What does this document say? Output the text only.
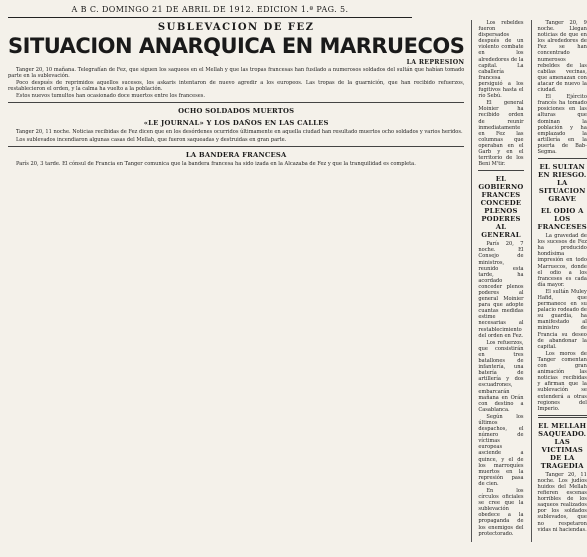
A B C. DOMINGO 21 DE ABRIL DE 1912. EDICION 1.ª PAG. 5.
SUBLEVACION DE FEZ
SITUACION ANARQUICA EN MARRUECOS
LA REPRESION

Tanger 20, 10 mañana. Telegrafían de Fez, que siguen los saqueos en el Mellah y que las tropas francesas han fusilado a numerosos soldados del sultán que habían tomado parte en la sublevación.

Poco después de reprimidos aquellos sucesos, los askaris intentaron de nuevo agredir a los europeos. Las tropas de la guarnición, que han recibido refuerzos, restablecieron el orden, y la calma ha vuelto a la población.

Estos nuevos tumultos han ocasionado doce muertos entre los franceses.

OCHO SOLDADOS MUERTOS
«LE JOURNAL» Y LOS DAÑOS EN LAS CALLES

Tanger 20, 11 noche. Noticias recibidas de Fez dicen que en los desórdenes ocurridos últimamente en aquella ciudad han resultado muertos ocho soldados y varios heridos.

Los sublevados incendiaron algunas casas del Mellah, que fueron saqueadas y destruidas en gran parte.

LA BANDERA FRANCESA

París 20, 3 tarde. El cónsul de Francia en Tanger comunica que la bandera francesa ha sido izada en la Alcazaba de Fez y que la tranquilidad es completa.

Los rebeldes fueron dispersados después de un violento combate en los alrededores de la capital. La caballería francesa persiguió a los fugitivos hasta el río Sebú.

El general Moinier ha recibido orden de reunir inmediatamente en Fez las columnas que operaban en el Garb y en el territorio de los Beni M'tir.

EL GOBIERNO FRANCES CONCEDE PLENOS PODERES AL GENERAL

París 20, 7 noche. El Consejo de ministros, reunido esta tarde, ha acordado conceder plenos poderes al general Moinier para que adopte cuantas medidas estime necesarias al restablecimiento del orden en Fez.

Los refuerzos, que consistirán en tres batallones de infantería, una batería de artillería y dos escuadrones, embarcarán mañana en Orán con destino a Casablanca.

Según los últimos despachos, el número de víctimas europeas asciende a quince, y el de los marroquíes muertos en la represión pasa de cien.

En los círculos oficiales se cree que la sublevación obedece a la propaganda de los enemigos del protectorado.

Tanger 20, 9 noche. Llegan noticias de que en los alrededores de Fez se han concentrado numerosos rebeldes de las cabilas vecinas, que amenazan con atacar de nuevo la ciudad.

El Ejército francés ha tomado posiciones en las alturas que dominan la población y ha emplazado la artillería en la puerta de Bab-Segma.

EL SULTAN EN RIESGO. LA SITUACION GRAVE
EL ODIO A LOS FRANCESES

La gravedad de los sucesos de Fez ha producido hondísima impresión en todo Marruecos, donde el odio a los franceses es cada día mayor.

El sultán Muley Hafid, que permanece en su palacio rodeado de su guardia, ha manifestado al ministro de Francia su deseo de abandonar la capital.

Los moros de Tanger comentan con gran animación las noticias recibidas y afirman que la sublevación se extenderá a otras regiones del Imperio.

EL MELLAH SAQUEADO. LAS VICTIMAS DE LA TRAGEDIA

Tanger 20, 11 noche. Los judíos huidos del Mellah refieren escenas horribles de los saqueos realizados por los soldados sublevados, que no respetaron vidas ni haciendas.
